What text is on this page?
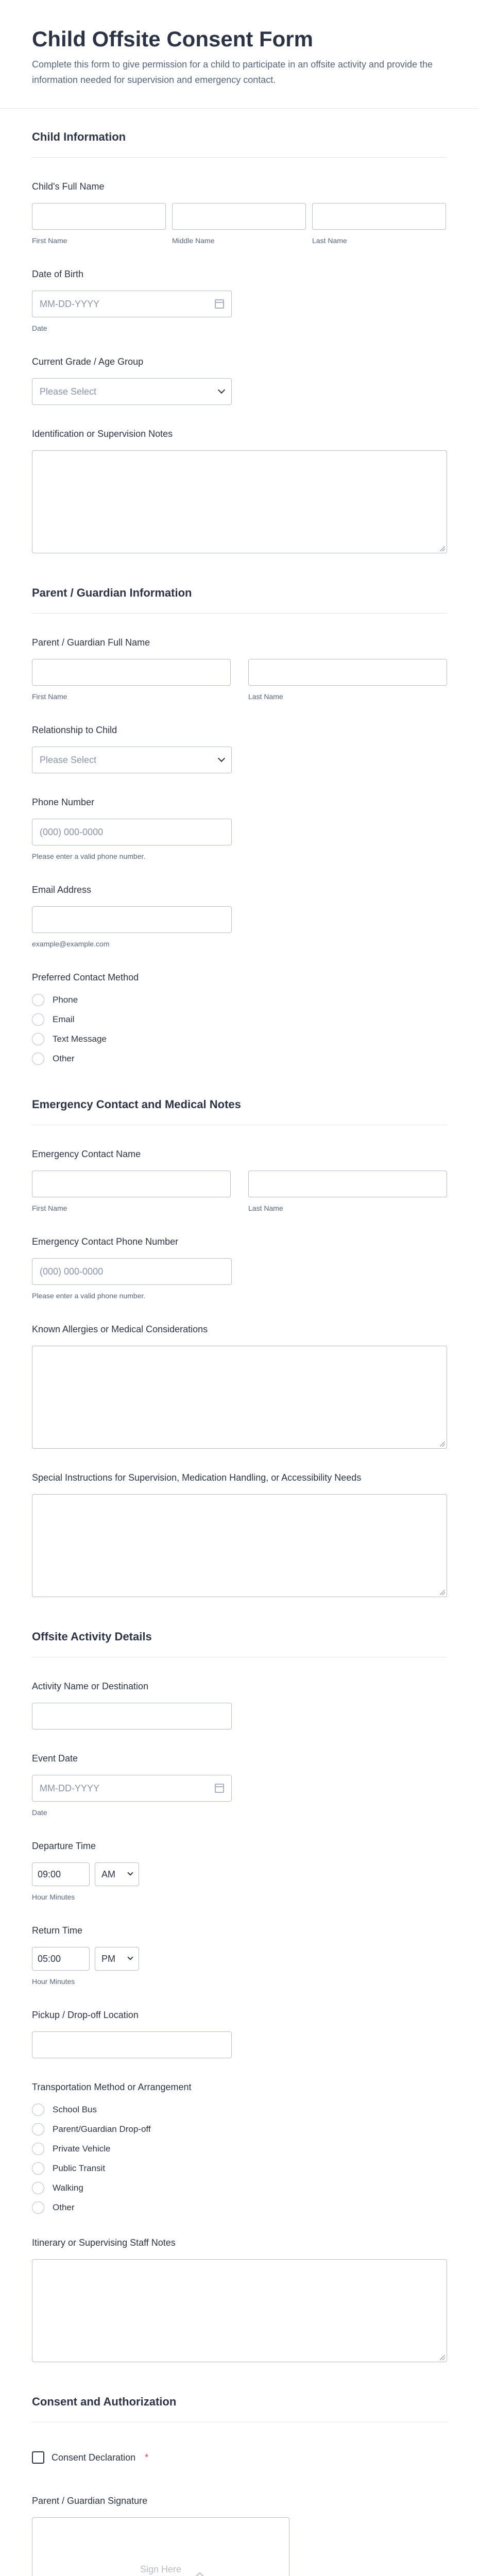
Child Offsite Consent Form

Complete this form to give permission for a child to participate in an offsite activity and provide the information needed for supervision and emergency contact.

Child Information
Child's Full Name
First Name	Middle Name	Last Name
Date of Birth
MM-DD-YYYY
Date
Current Grade / Age Group
Please Select
Identification or Supervision Notes
Parent / Guardian Information
Parent / Guardian Full Name
First Name	Last Name
Relationship to Child
Please Select
Phone Number
(000) 000-0000
Please enter a valid phone number.
Email Address
example@example.com
Preferred Contact Method
Phone
Email
Text Message
Other
Emergency Contact and Medical Notes
Emergency Contact Name
First Name	Last Name
Emergency Contact Phone Number
(000) 000-0000
Please enter a valid phone number.
Known Allergies or Medical Considerations
Special Instructions for Supervision, Medication Handling, or Accessibility Needs
Offsite Activity Details
Activity Name or Destination
Event Date
MM-DD-YYYY
Date
Departure Time
09:00	AM
Hour Minutes
Return Time
05:00	PM
Hour Minutes
Pickup / Drop-off Location
Transportation Method or Arrangement
School Bus
Parent/Guardian Drop-off
Private Vehicle
Public Transit
Walking
Other
Itinerary or Supervising Staff Notes
Consent and Authorization
Consent Declaration *
Parent / Guardian Signature
Sign Here
